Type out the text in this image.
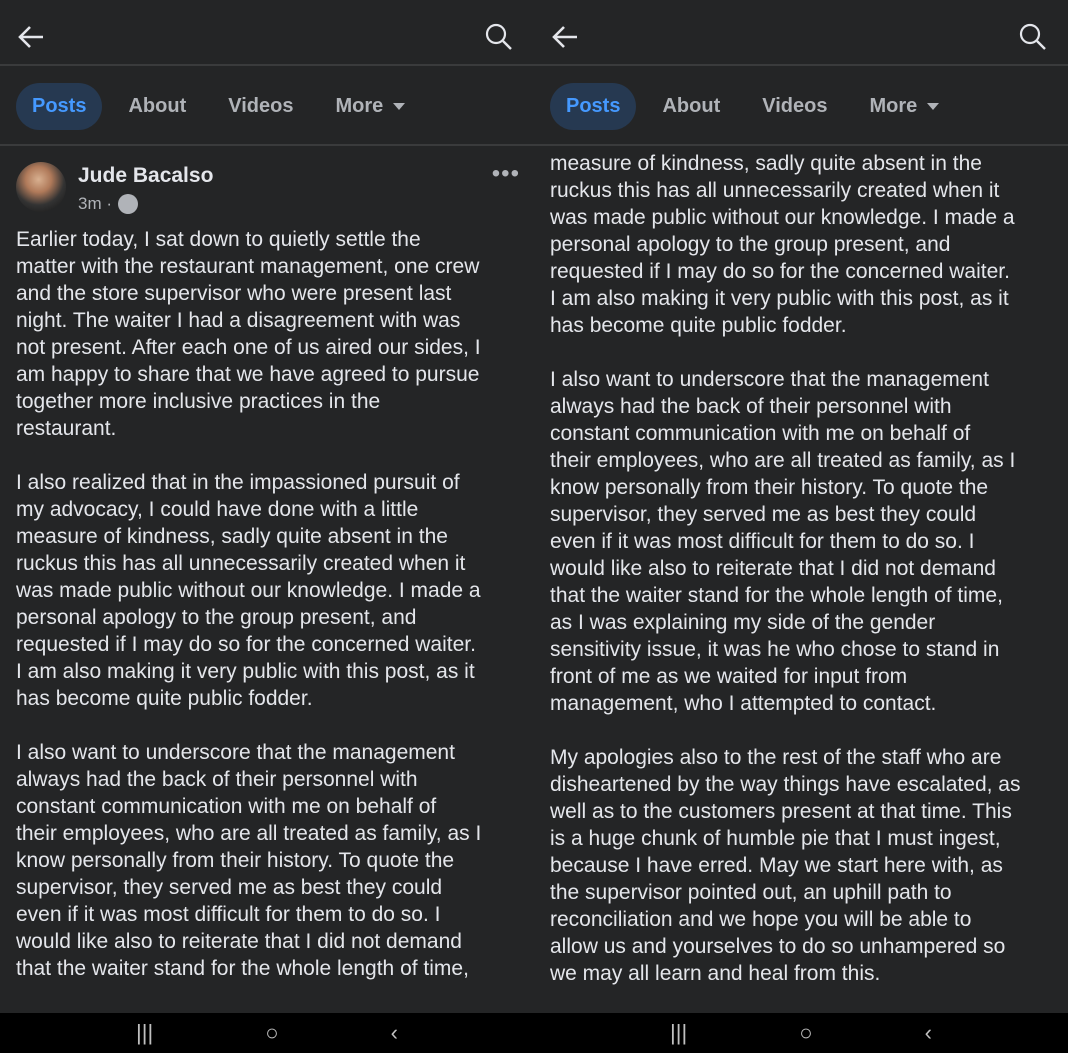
Posts	About Videos More
Jude Bacalso
3m ·
•••
Earlier today, I sat down to quietly settle the
matter with the restaurant management, one crew
and the store supervisor who were present last
night. The waiter I had a disagreement with was
not present. After each one of us aired our sides, I
am happy to share that we have agreed to pursue
together more inclusive practices in the
restaurant.
I also realized that in the impassioned pursuit of
my advocacy, I could have done with a little
measure of kindness, sadly quite absent in the
ruckus this has all unnecessarily created when it
was made public without our knowledge. I made a
personal apology to the group present, and
requested if I may do so for the concerned waiter.
I am also making it very public with this post, as it
has become quite public fodder.
I also want to underscore that the management
always had the back of their personnel with
constant communication with me on behalf of
their employees, who are all treated as family, as I
know personally from their history. To quote the
supervisor, they served me as best they could
even if it was most difficult for them to do so. I
would like also to reiterate that I did not demand
that the waiter stand for the whole length of time,
|||	○	‹
Posts	About Videos More
measure of kindness, sadly quite absent in the
ruckus this has all unnecessarily created when it
was made public without our knowledge. I made a
personal apology to the group present, and
requested if I may do so for the concerned waiter.
I am also making it very public with this post, as it
has become quite public fodder.
I also want to underscore that the management
always had the back of their personnel with
constant communication with me on behalf of
their employees, who are all treated as family, as I
know personally from their history. To quote the
supervisor, they served me as best they could
even if it was most difficult for them to do so. I
would like also to reiterate that I did not demand
that the waiter stand for the whole length of time,
as I was explaining my side of the gender
sensitivity issue, it was he who chose to stand in
front of me as we waited for input from
management, who I attempted to contact.
My apologies also to the rest of the staff who are
disheartened by the way things have escalated, as
well as to the customers present at that time. This
is a huge chunk of humble pie that I must ingest,
because I have erred. May we start here with, as
the supervisor pointed out, an uphill path to
reconciliation and we hope you will be able to
allow us and yourselves to do so unhampered so
we may all learn and heal from this.
|||	○	‹
